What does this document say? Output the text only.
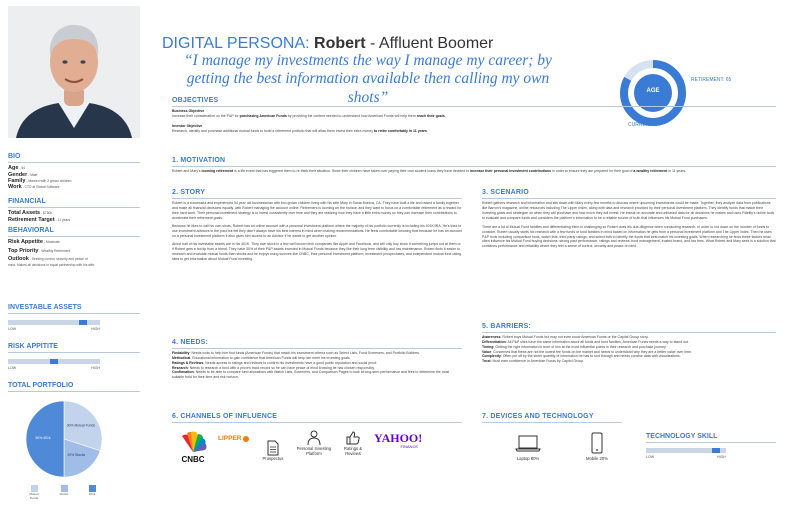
DIGITAL PERSONA: Robert - Affluent Boomer
“I manage my investments the way I manage my career; by getting the best information available then calling my own shots”	AGE
RETIREMENT: 65
CURRENT: 54
BIO
Age - 54
Gender - Male
Family - Married with 2 grown children
Work - CTO at Global Software
FINANCIAL
Total Assets - $750k
Retirement Target - 11 years
BEHAVIORAL
Risk Appetite - Moderate
Top Priority - Wealthy Retirement
Outlook - Seeking control, security and peace of mind. Makes all decisions in equal partnership with his wife.
INVESTABLE ASSETS
LOW	HIGH
RISK APPITITE
LOW	HIGH
TOTAL PORTFOLIO
30% Mutual Funds
20% Stocks
50% 401k
Mutual Funds
Stocks	401k
OBJECTIVES
Business Objective
Increase their consideration on the P&P for purchasing American Funds by providing the content needed to understand how American Funds will help them reach their goals.
Investor Objective
Research, identify and purchase additional mutual funds to build a retirement portfolio that will allow them invest their extra money to retire comfortably in 11 years.
1. MOTIVATION
Robert and Mary’s looming retirement is a life event that has triggered them to re-think their situation. Since their children have taken over paying their own student loans they have decided to increase their personal investment contributions in order to ensure they are prepared for their goal of a wealthy retirement in 11 years.
2. STORY
Robert is a successful and experienced 54 year old businessman with two grown children living with his wife Mary in Santa Monica, CA. They have built a life and raised a family together and make all financial decisions equally, with Robert managing the account online. Retirement is looming on the horizon and they want to focus on a comfortable retirement as a reward for their hard work. Their personal investment strategy is to invest consistently over time and they are realizing now they have a little extra money so they can increase their contributions to accelerate their retirement goals.
Because he likes to call his own shots, Robert has an online account with a personal investment platform where the majority of his portfolio currently is including his 401K/IRA. He’s tried to use investment advisors in the past but felt they didn’t always have his best interest in mind when making recommendations. He feels comfortable knowing that because he has an account on a personal investment platform it also gives him access to an Advisor if he wants to get another opinion.
About half of his investable assets are in his 401K. They own stock in a few well known tech companies like Apple and Facebook, and will only buy stock if something jumps out at them or if Robert gets a hot tip from a friend. They have 30% of their P&P assets invested in Mutual Funds because they like their long term visibility and low maintenance. Robert finds it easier to research and evaluate mutual funds than stocks and he enjoys using sources like CNBC, their personal investment platform, investment prospectuses, and independent mutual fund rating sites to get information about Mutual Fund investing.
4. NEEDS:
Findability: Needs tools to help him find funds (American Funds) that match his investment criteria such as Select Lists, Fund Screeners, and Portfolio Builders.
Methodical: Educational information to gain confidence that American Funds will help him meet his investing goals.
Ratings & Reviews: Needs access to ratings and reviews to confirm his investments have a good public reputation and social proof.
Research: Needs to research a fund with a proven track record so he can have peace of mind knowing he has chosen responsibly.
Confirmation: Needs to be able to compare fund allocations with Watch Lists, Screeners, and Comparison Pages to look at long-term performance and fees to determine the most suitable fund for their time and risk horizon.
3. SCENARIO
Robert gathers research and information and sits down with Mary every few months to discuss where upcoming investments could be made. Together, they analyze data from publications like Barron’s magazine, online resources including The Lipper Index, along with data and research provided by their personal investment platform. They identify funds that match their investing goals and strategize on when they will purchase and how much they will invest. He insists on accurate and unbiased data for all decisions he makes and uses Fidelity’s online tools to evaluate and compare funds and considers the platform’s information to be a reliable source of truth that influences his Mutual Fund purchases.
There are a lot of Mutual Fund families and differentiating them is challenging so Robert does his due-diligence when conducting research. In order to cut down on the number of funds to consider, Robert usually starts his research with a few funds or fund families in mind based on information he gets from a personal investment platform and The Lipper index. Then he uses P&P tools including comparison tools, watch lists, third-party ratings, and select lists to identify the funds that best match his investing goals. When researching he finds these factors most often influence his Mutual Fund buying decisions: strong past performance, ratings and reviews, fund management, trusted brand, and low fees. What Robert and Mary seek is a solution that combines performance and reliability where they feel a sense of control, security and peace of mind.
5. BARRIERS:
Awareness: Robert buys Mutual Funds but may not even know American Funds or the Capital Group story.
Differentiation: All P&P sites have the same information about all funds and fund families, American Funds needs a way to stand out.
Timing: Getting the right information in front of him at the most influential points in their research and purchase journey.
Value: Concerned that these are not the lowest fee funds on the market and needs to understand why they are a better value over time.
Complexity: Often put off by the sheer quantity of information he has to sort through and needs concise data with visualizations.
Trust: Must earn confidence in American Funds by Capitol Group.
6. CHANNELS OF INFLUENCE
CNBC
LIPPER
Prospectus
Personal Investing Platform
Ratings & Reviews
YAHOO!
FINANCE
7. DEVICES AND TECHNOLOGY
Laptop 80%	Mobile 20%
TECHNOLOGY SKILL
LOW	HIGH
